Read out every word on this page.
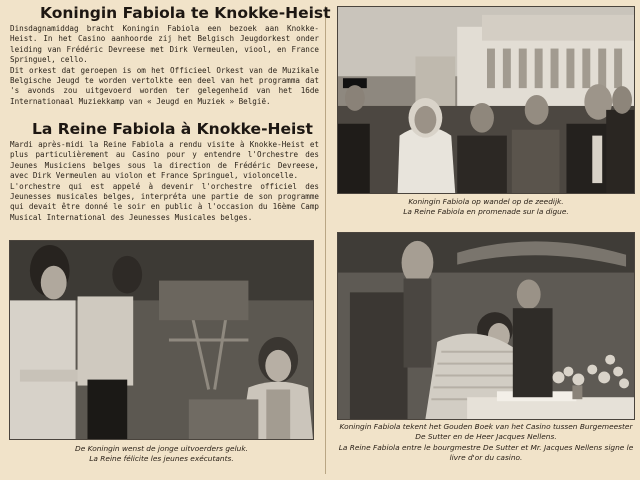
Koningin Fabiola te Knokke-Heist

Dinsdagnamiddag bracht Koningin Fabiola een bezoek aan Knokke-Heist. In het Casino aanhoorde zij het Belgisch Jeugdorkest onder leiding van Frédéric Devreese met Dirk Vermeulen, viool, en France Springuel, cello.

Dit orkest dat geroepen is om het Officieel Orkest van de Muzikale Belgische Jeugd te worden vertolkte een deel van het programma dat 's avonds zou uitgevoerd worden ter gelegenheid van het 16de Internationaal Muziekkamp van « Jeugd en Muziek » België.

La Reine Fabiola à Knokke-Heist

Mardi après-midi la Reine Fabiola a rendu visite à Knokke-Heist et plus particulièrement au Casino pour y entendre l'Orchestre des Jeunes Musiciens belges sous la direction de Frédéric Devreese, avec Dirk Vermeulen au violon et France Springuel, violoncelle.

L'orchestre qui est appelé à devenir l'orchestre officiel des Jeunesses musicales belges, interpréta une partie de son programme qui devait être donné le soir en public à l'occasion du 16ème Camp Musical International des Jeunesses Musicales belges.

Koningin Fabiola op wandel op de zeedijk.
La Reine Fabiola en promenade sur la digue.
De Koningin wenst de jonge uitvoerders geluk.
La Reine félicite les jeunes exécutants.
Koningin Fabiola tekent het Gouden Boek van het Casino tussen Burgemeester De Sutter en de Heer Jacques Nellens.
La Reine Fabiola entre le bourgmestre De Sutter et Mr. Jacques Nellens signe le livre d'or du casino.
